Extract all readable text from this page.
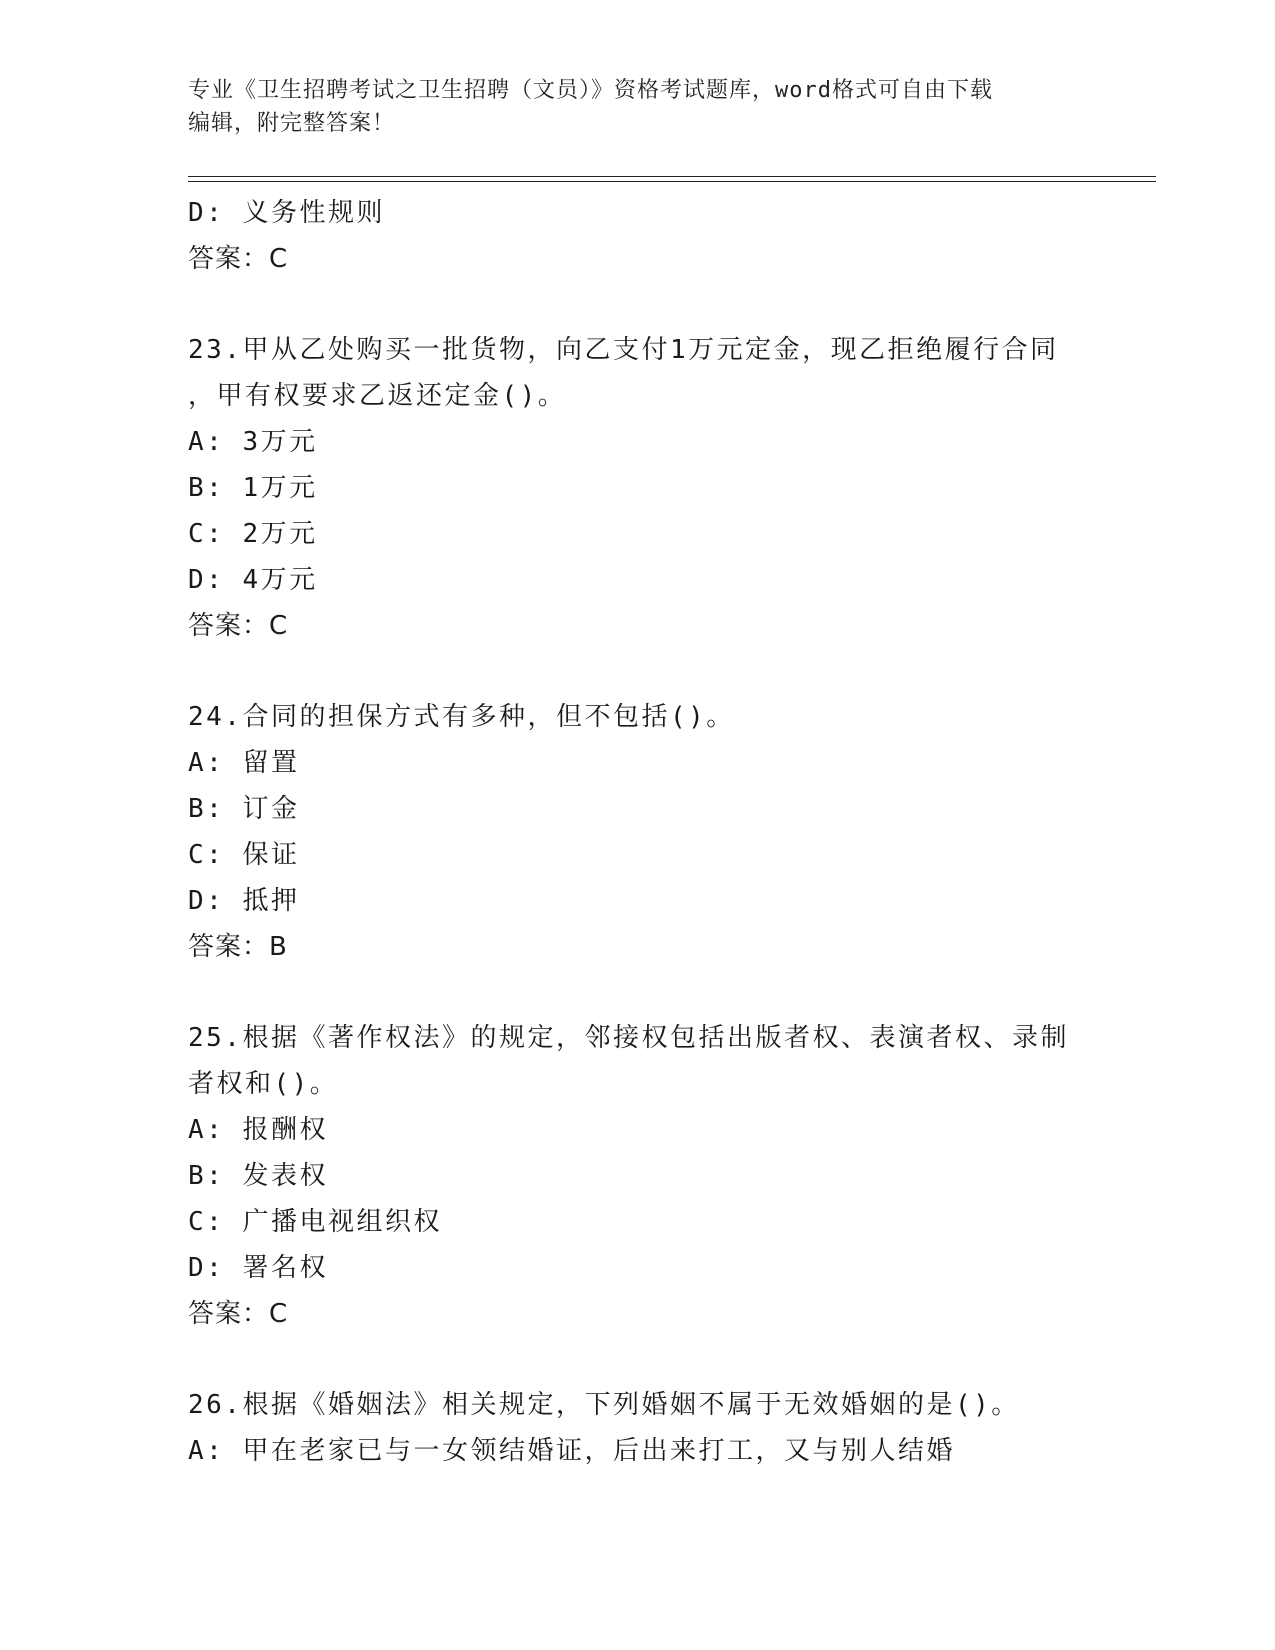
专业《卫生招聘考试之卫生招聘（文员）》资格考试题库，word格式可自由下载
编辑，附完整答案！
D: 义务性规则
答案：C
23.甲从乙处购买一批货物，向乙支付1万元定金，现乙拒绝履行合同
，甲有权要求乙返还定金()。
A: 3万元
B: 1万元
C: 2万元
D: 4万元
答案：C
24.合同的担保方式有多种，但不包括()。
A: 留置
B: 订金
C: 保证
D: 抵押
答案：B
25.根据《著作权法》的规定，邻接权包括出版者权、表演者权、录制
者权和()。
A: 报酬权
B: 发表权
C: 广播电视组织权
D: 署名权
答案：C
26.根据《婚姻法》相关规定，下列婚姻不属于无效婚姻的是()。
A: 甲在老家已与一女领结婚证，后出来打工，又与别人结婚
